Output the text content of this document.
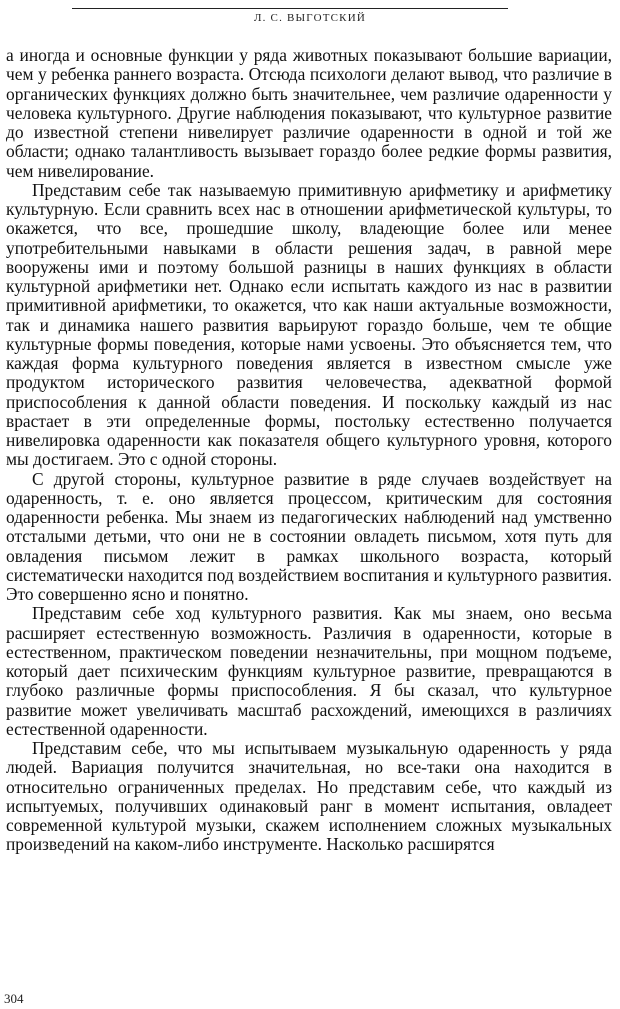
Л. С. ВЫГОТСКИЙ

а иногда и основные функции у ряда животных показывают большие вариации, чем у ребенка раннего возраста. Отсюда психологи делают вывод, что различие в органических функциях должно быть значительнее, чем различие одаренности у человека культурного. Другие наблюдения показывают, что культурное развитие до известной степени нивелирует различие одаренности в одной и той же области; однако талантливость вызывает гораздо более редкие формы развития, чем нивелирование.

Представим себе так называемую примитивную арифметику и арифметику культурную. Если сравнить всех нас в отношении арифметической культуры, то окажется, что все, прошедшие школу, владеющие более или менее употребительными навыками в области решения задач, в равной мере вооружены ими и поэтому большой разницы в наших функциях в области культурной арифметики нет. Однако если испытать каждого из нас в развитии примитивной арифметики, то окажется, что как наши актуальные возможности, так и динамика нашего развития варьируют гораздо больше, чем те общие культурные формы поведения, которые нами усвоены. Это объясняется тем, что каждая форма культурного поведения является в известном смысле уже продуктом исторического развития человечества, адекватной формой приспособления к данной области поведения. И поскольку каждый из нас врастает в эти определенные формы, постольку естественно получается нивелировка одаренности как показателя общего культурного уровня, которого мы достигаем. Это с одной стороны.

С другой стороны, культурное развитие в ряде случаев воздействует на одаренность, т. е. оно является процессом, критическим для состояния одаренности ребенка. Мы знаем из педагогических наблюдений над умственно отсталыми детьми, что они не в состоянии овладеть письмом, хотя путь для овладения письмом лежит в рамках школьного возраста, который систематически находится под воздействием воспитания и культурного развития. Это совершенно ясно и понятно.

Представим себе ход культурного развития. Как мы знаем, оно весьма расширяет естественную возможность. Различия в одаренности, которые в естественном, практическом поведении незначительны, при мощном подъеме, который дает психическим функциям культурное развитие, превращаются в глубоко различные формы приспособления. Я бы сказал, что культурное развитие может увеличивать масштаб расхождений, имеющихся в различиях естественной одаренности.

Представим себе, что мы испытываем музыкальную одаренность у ряда людей. Вариация получится значительная, но все-таки она находится в относительно ограниченных пределах. Но представим себе, что каждый из испытуемых, получивших одинаковый ранг в момент испытания, овладеет современной культурой музыки, скажем исполнением сложных музыкальных произведений на каком-либо инструменте. Насколько расширятся

304
